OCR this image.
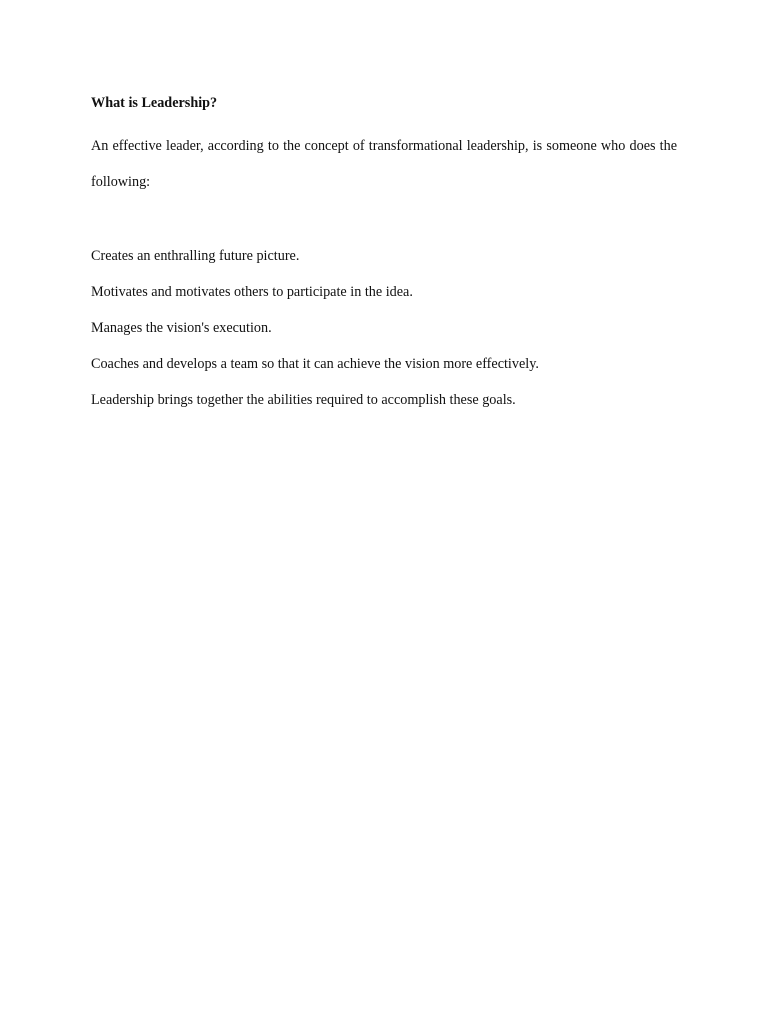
What is Leadership?

An effective leader, according to the concept of transformational leadership, is someone who does the following:

Creates an enthralling future picture.
Motivates and motivates others to participate in the idea.
Manages the vision's execution.
Coaches and develops a team so that it can achieve the vision more effectively.
Leadership brings together the abilities required to accomplish these goals.
